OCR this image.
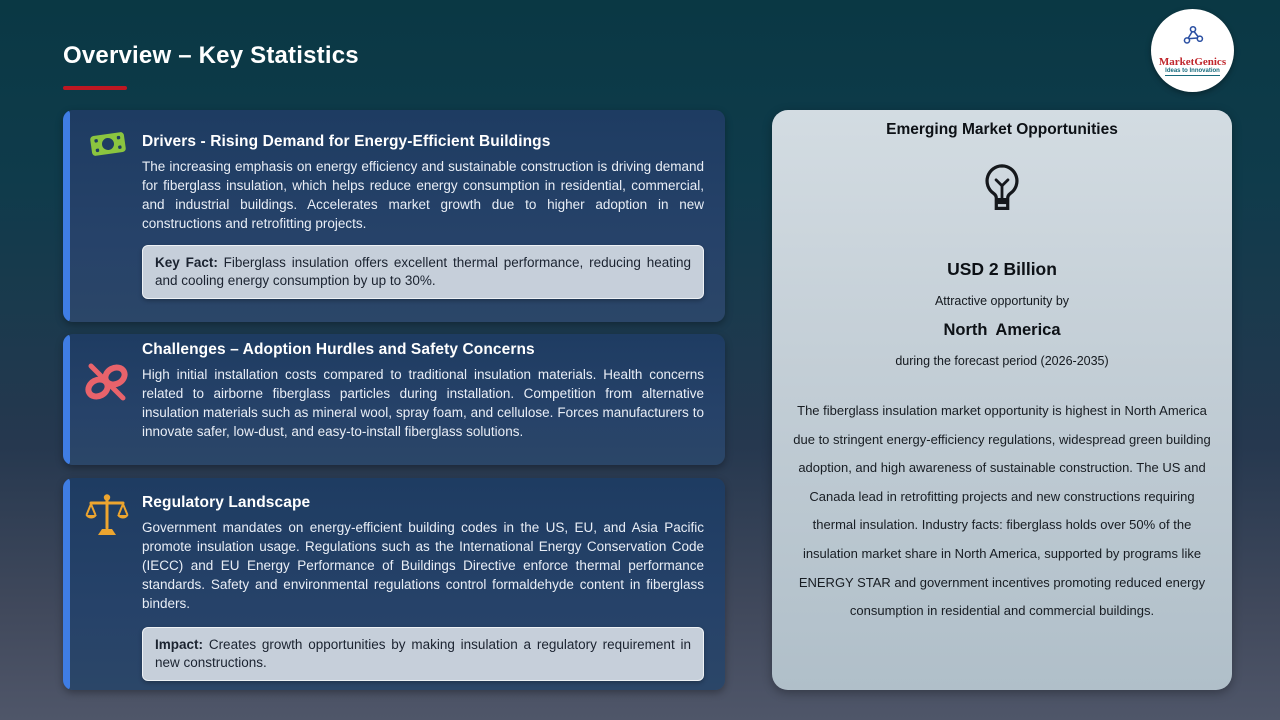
Overview – Key Statistics	MarketGenics
Ideas to Innovation
Drivers - Rising Demand for Energy-Efficient Buildings
The increasing emphasis on energy efficiency and sustainable construction is driving demand for fiberglass insulation, which helps reduce energy consumption in residential, commercial, and industrial buildings. Accelerates market growth due to higher adoption in new constructions and retrofitting projects.
Key Fact: Fiberglass insulation offers excellent thermal performance, reducing heating and cooling energy consumption by up to 30%.
Challenges – Adoption Hurdles and Safety Concerns
High initial installation costs compared to traditional insulation materials. Health concerns related to airborne fiberglass particles during installation. Competition from alternative insulation materials such as mineral wool, spray foam, and cellulose. Forces manufacturers to innovate safer, low-dust, and easy-to-install fiberglass solutions.
Regulatory Landscape
Government mandates on energy-efficient building codes in the US, EU, and Asia Pacific promote insulation usage. Regulations such as the International Energy Conservation Code (IECC) and EU Energy Performance of Buildings Directive enforce thermal performance standards. Safety and environmental regulations control formaldehyde content in fiberglass binders.
Impact: Creates growth opportunities by making insulation a regulatory requirement in new constructions.
Emerging Market Opportunities
USD 2 Billion
Attractive opportunity by
North America
during the forecast period (2026-2035)
The fiberglass insulation market opportunity is highest in North America due to stringent energy-efficiency regulations, widespread green building adoption, and high awareness of sustainable construction. The US and Canada lead in retrofitting projects and new constructions requiring thermal insulation. Industry facts: fiberglass holds over 50% of the insulation market share in North America, supported by programs like ENERGY STAR and government incentives promoting reduced energy consumption in residential and commercial buildings.
